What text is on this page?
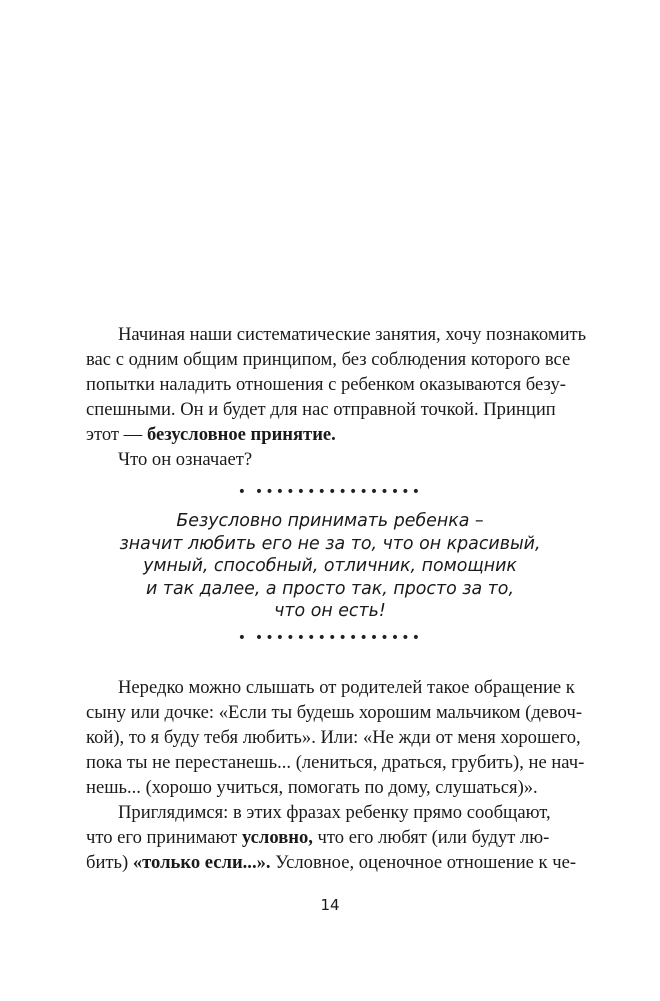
Начиная наши систематические занятия, хочу познакомить
вас с одним общим принципом, без соблюдения которого все
попытки наладить отношения с ребенком оказываются безу-
спешными. Он и будет для нас отправной точкой. Принцип
этот — безусловное принятие.

Что он означает?

• ••••••••••••••••
Безусловно принимать ребенка –
значит любить его не за то, что он красивый,
умный, способный, отличник, помощник
и так далее, а просто так, просто за то,
что он есть!
• ••••••••••••••••

Нередко можно слышать от родителей такое обращение к
сыну или дочке: «Если ты будешь хорошим мальчиком (девоч-
кой), то я буду тебя любить». Или: «Не жди от меня хорошего,
пока ты не перестанешь... (лениться, драться, грубить), не нач-
нешь... (хорошо учиться, помогать по дому, слушаться)».

Приглядимся: в этих фразах ребенку прямо сообщают,
что его принимают условно, что его любят (или будут лю-
бить) «только если...». Условное, оценочное отношение к че-

14
